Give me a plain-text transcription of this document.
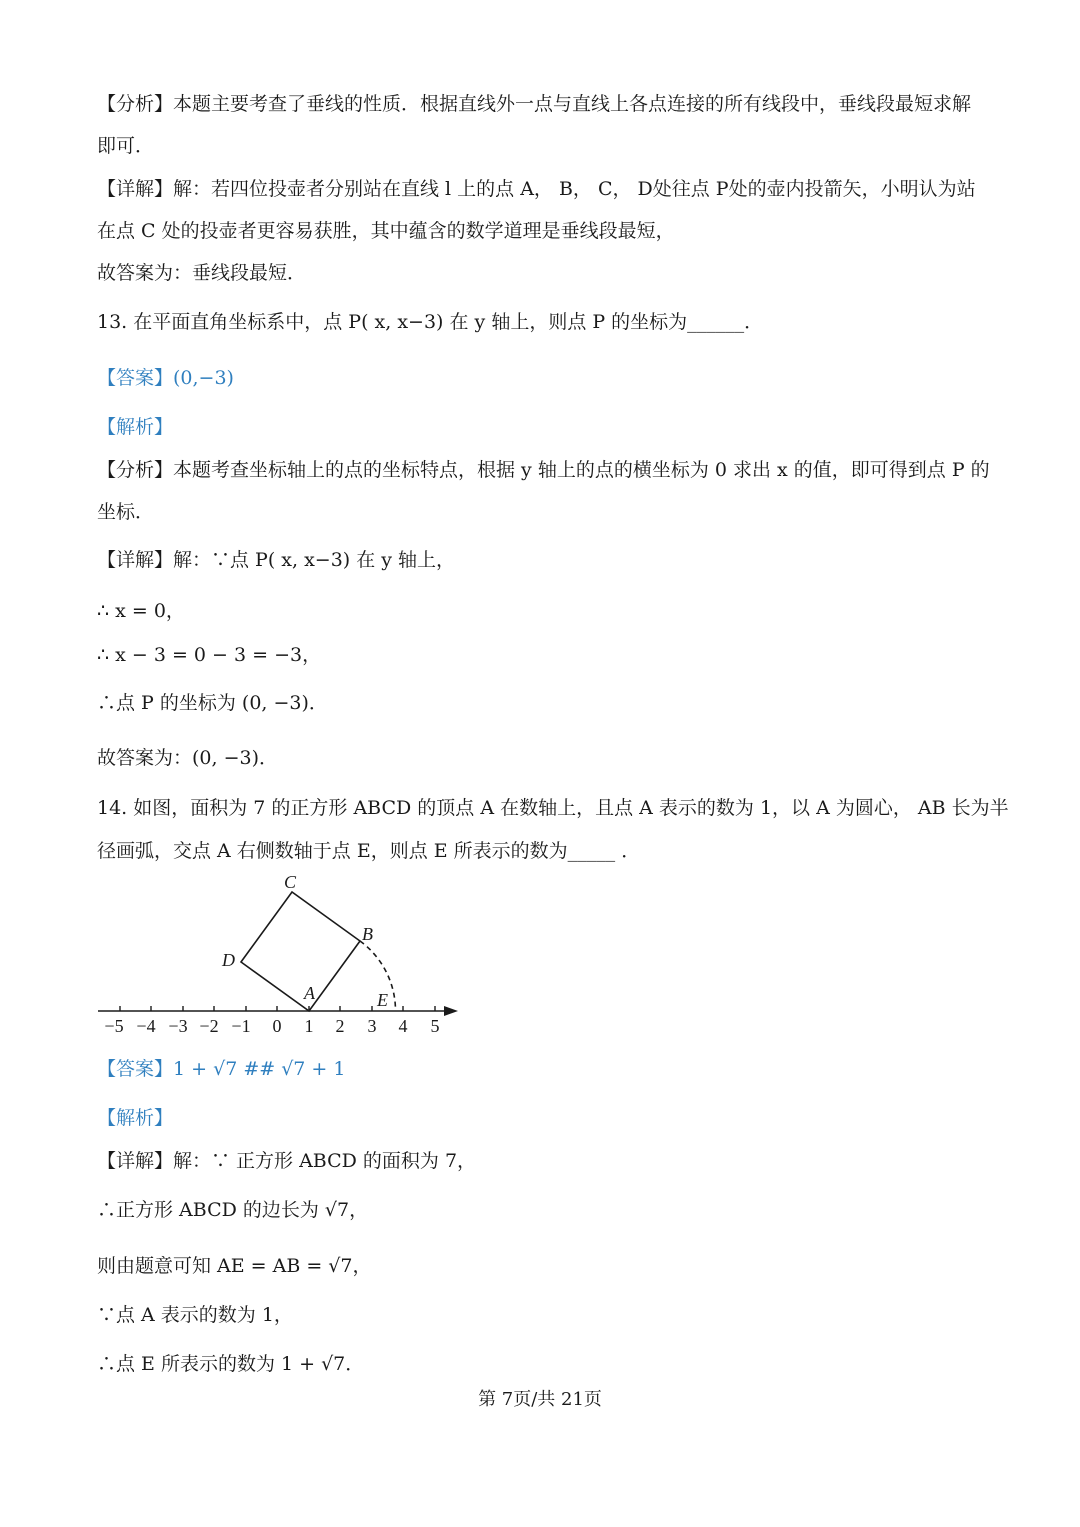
【分析】本题主要考查了垂线的性质．根据直线外一点与直线上各点连接的所有线段中，垂线段最短求解
即可．
【详解】解：若四位投壶者分别站在直线 l 上的点 A， B， C， D处往点 P处的壶内投箭矢，小明认为站
在点 C 处的投壶者更容易获胜，其中蕴含的数学道理是垂线段最短，
故答案为：垂线段最短．
13. 在平面直角坐标系中，点 P( x, x−3) 在 y 轴上，则点 P 的坐标为______．
【答案】(0,−3)
【解析】
【分析】本题考查坐标轴上的点的坐标特点，根据 y 轴上的点的横坐标为 0 求出 x 的值，即可得到点 P 的
坐标．
【详解】解：∵点 P( x, x−3) 在 y 轴上，
∴ x = 0，
∴ x − 3 = 0 − 3 = −3，
∴点 P 的坐标为 (0, −3)．
故答案为：(0, −3)．
14. 如图，面积为 7 的正方形 ABCD 的顶点 A 在数轴上，且点 A 表示的数为 1，以 A 为圆心， AB 长为半
径画弧，交点 A 右侧数轴于点 E，则点 E 所表示的数为_____ ．
−5 −4 −3 −2 −1 0 1 2 3 4 5
C
B
D
A	E
【答案】1 + √7 ## √7 + 1
【解析】
【详解】解：∵ 正方形 ABCD 的面积为 7，
∴正方形 ABCD 的边长为 √7，
则由题意可知 AE = AB = √7，
∵点 A 表示的数为 1，
∴点 E 所表示的数为 1 + √7．
第 7页/共 21页
